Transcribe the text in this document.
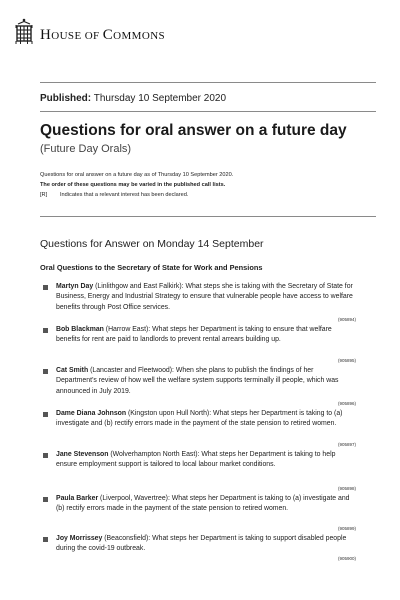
HOUSE OF COMMONS
Published: Thursday 10 September 2020
Questions for oral answer on a future day
(Future Day Orals)
Questions for oral answer on a future day as of Thursday 10 September 2020.
The order of these questions may be varied in the published call lists.
[R] Indicates that a relevant interest has been declared.
Questions for Answer on Monday 14 September
Oral Questions to the Secretary of State for Work and Pensions
Martyn Day (Linlithgow and East Falkirk): What steps she is taking with the Secretary of State for Business, Energy and Industrial Strategy to ensure that vulnerable people have access to welfare benefits through Post Office services.
(905894)
Bob Blackman (Harrow East): What steps her Department is taking to ensure that welfare benefits for rent are paid to landlords to prevent rental arrears building up.
(905895)
Cat Smith (Lancaster and Fleetwood): When she plans to publish the findings of her Department’s review of how well the welfare system supports terminally ill people, which was announced in July 2019.
(905896)
Dame Diana Johnson (Kingston upon Hull North): What steps her Department is taking to (a) investigate and (b) rectify errors made in the payment of the state pension to retired women.
(905897)
Jane Stevenson (Wolverhampton North East): What steps her Department is taking to help ensure employment support is tailored to local labour market conditions.
(905898)
Paula Barker (Liverpool, Wavertree): What steps her Department is taking to (a) investigate and (b) rectify errors made in the payment of the state pension to retired women.
(905899)
Joy Morrissey (Beaconsfield): What steps her Department is taking to support disabled people during the covid-19 outbreak.
(905900)
